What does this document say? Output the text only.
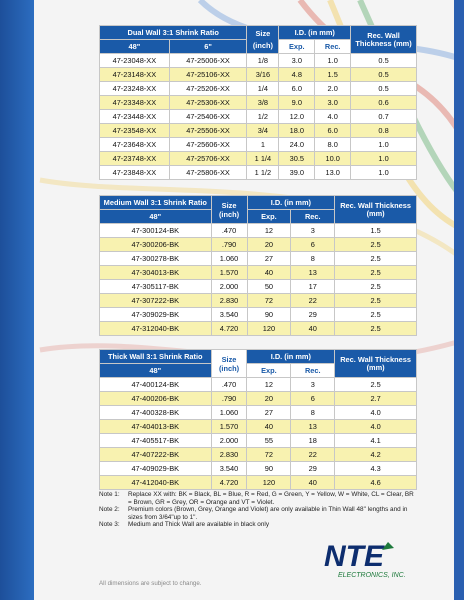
Dual Wall 3:1 Shrink Ratio		Size (inch)	I.D. (in mm)		Rec. Wall Thickness (mm)
48"	6"		Exp.	Rec.	
47-23048-XX	47-25006-XX	1/8	3.0	1.0	0.5
47-23148-XX	47-25106-XX	3/16	4.8	1.5	0.5
47-23248-XX	47-25206-XX	1/4	6.0	2.0	0.5
47-23348-XX	47-25306-XX	3/8	9.0	3.0	0.6
47-23448-XX	47-25406-XX	1/2	12.0	4.0	0.7
47-23548-XX	47-25506-XX	3/4	18.0	6.0	0.8
47-23648-XX	47-25606-XX	1	24.0	8.0	1.0
47-23748-XX	47-25706-XX	1 1/4	30.5	10.0	1.0
47-23848-XX	47-25806-XX	1 1/2	39.0	13.0	1.0
Medium Wall 3:1 Shrink Ratio	Size (inch)	I.D. (in mm)		Rec. Wall Thickness (mm)
48"		Exp.	Rec.	
47-300124-BK	.470	12	3	1.5
47-300206-BK	.790	20	6	2.5
47-300278-BK	1.060	27	8	2.5
47-304013-BK	1.570	40	13	2.5
47-305117-BK	2.000	50	17	2.5
47-307222-BK	2.830	72	22	2.5
47-309029-BK	3.540	90	29	2.5
47-312040-BK	4.720	120	40	2.5
Thick Wall 3:1 Shrink Ratio	Size (inch)	I.D. (in mm)		Rec. Wall Thickness (mm)
48"		Exp.	Rec.	
47-400124-BK	.470	12	3	2.5
47-400206-BK	.790	20	6	2.7
47-400328-BK	1.060	27	8	4.0
47-404013-BK	1.570	40	13	4.0
47-405517-BK	2.000	55	18	4.1
47-407222-BK	2.830	72	22	4.2
47-409029-BK	3.540	90	29	4.3
47-412040-BK	4.720	120	40	4.6
Note 1:	Replace XX with: BK = Black, BL = Blue, R = Red, G = Green, Y = Yellow, W = White, CL = Clear, BR = Brown, GR = Grey, OR = Orange and VT = Violet.
Note 2:	Premium colors (Brown, Grey, Orange and Violet) are only available in Thin Wall 48" lengths and in sizes from 3/64"up to 1".
Note 3:	Medium and Thick Wall are available in black only
NTE
ELECTRONICS, INC.
All dimensions are subject to change.
